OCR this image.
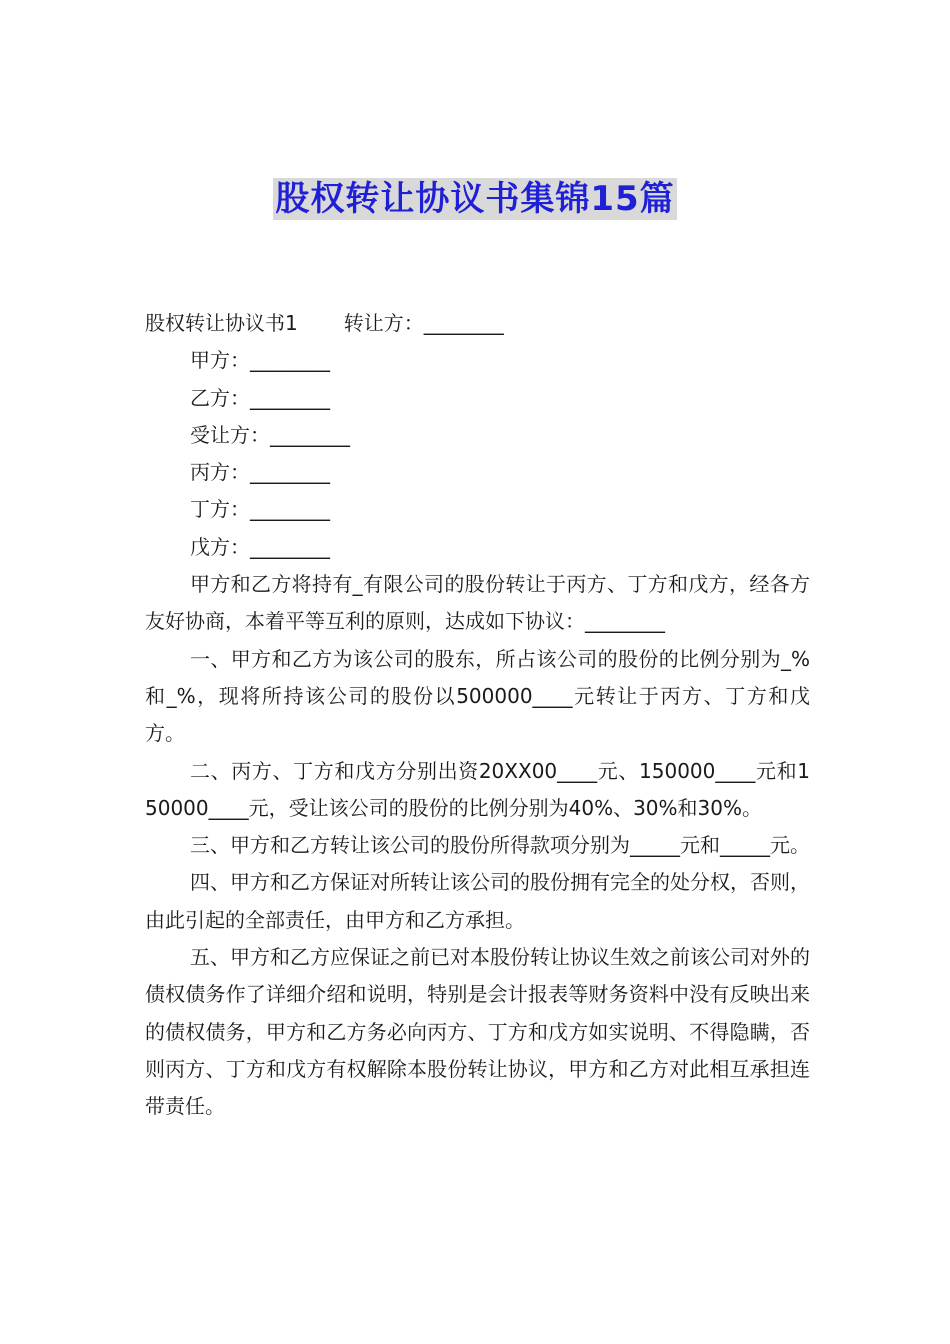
股权转让协议书集锦15篇
股权转让协议书1 转让方：________
甲方：________
乙方：________
受让方：________
丙方：________
丁方：________
戊方：________

甲方和乙方将持有_有限公司的股份转让于丙方、丁方和戊方，经各方友好协商，本着平等互利的原则，达成如下协议：________

一、甲方和乙方为该公司的股东，所占该公司的股份的比例分别为_%和_%，现将所持该公司的股份以500000____元转让于丙方、丁方和戊方。

二、丙方、丁方和戊方分别出资20XX00____元、150000____元和150000____元，受让该公司的股份的比例分别为40%、30%和30%。

三、甲方和乙方转让该公司的股份所得款项分别为_____元和_____元。

四、甲方和乙方保证对所转让该公司的股份拥有完全的处分权，否则，由此引起的全部责任，由甲方和乙方承担。

五、甲方和乙方应保证之前已对本股份转让协议生效之前该公司对外的债权债务作了详细介绍和说明，特别是会计报表等财务资料中没有反映出来的债权债务，甲方和乙方务必向丙方、丁方和戊方如实说明、不得隐瞒，否则丙方、丁方和戊方有权解除本股份转让协议，甲方和乙方对此相互承担连带责任。
